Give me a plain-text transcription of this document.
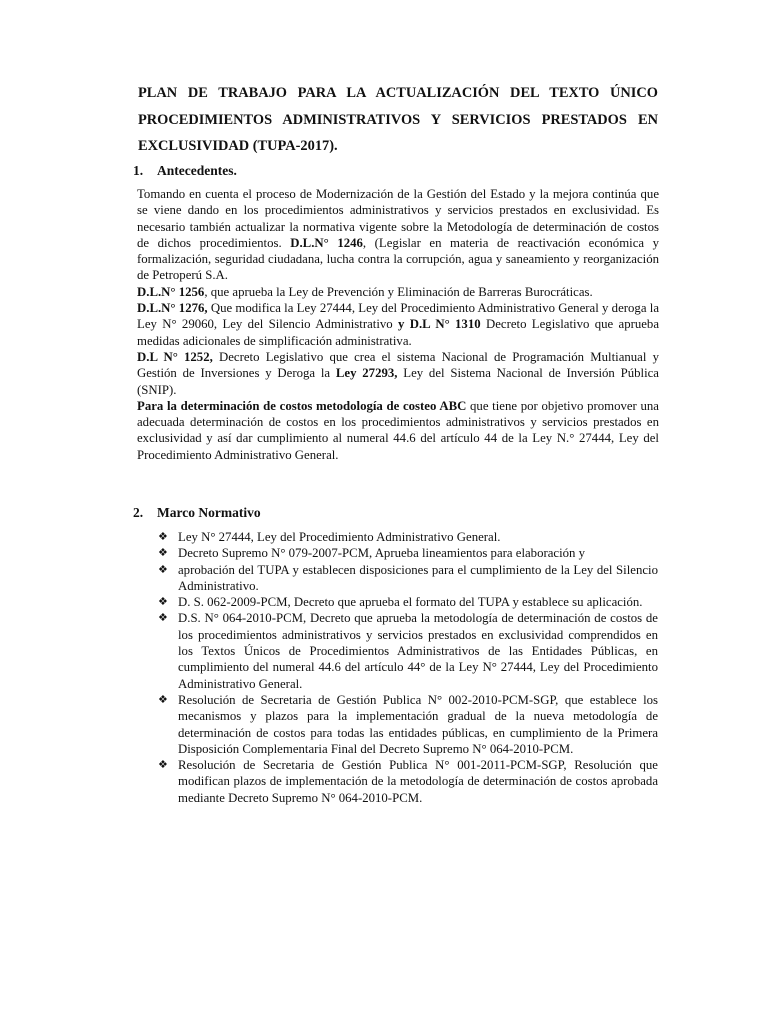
PLAN DE TRABAJO PARA LA ACTUALIZACIÓN DEL TEXTO ÚNICO
PROCEDIMIENTOS ADMINISTRATIVOS Y SERVICIOS PRESTADOS EN
EXCLUSIVIDAD (TUPA-2017).
1. Antecedentes.

Tomando en cuenta el proceso de Modernización de la Gestión del Estado y la mejora continúa que se viene dando en los procedimientos administrativos y servicios prestados en exclusividad. Es necesario también actualizar la normativa vigente sobre la Metodología de determinación de costos de dichos procedimientos. D.L.N° 1246, (Legislar en materia de reactivación económica y formalización, seguridad ciudadana, lucha contra la corrupción, agua y saneamiento y reorganización de Petroperú S.A.

D.L.N° 1256, que aprueba la Ley de Prevención y Eliminación de Barreras Burocráticas.

D.L.N° 1276, Que modifica la Ley 27444, Ley del Procedimiento Administrativo General y deroga la Ley N° 29060, Ley del Silencio Administrativo y D.L N° 1310 Decreto Legislativo que aprueba medidas adicionales de simplificación administrativa.

D.L N° 1252, Decreto Legislativo que crea el sistema Nacional de Programación Multianual y Gestión de Inversiones y Deroga la Ley 27293, Ley del Sistema Nacional de Inversión Pública (SNIP).

Para la determinación de costos metodología de costeo ABC que tiene por objetivo promover una adecuada determinación de costos en los procedimientos administrativos y servicios prestados en exclusividad y así dar cumplimiento al numeral 44.6 del artículo 44 de la Ley N.° 27444, Ley del Procedimiento Administrativo General.

2. Marco Normativo
❖ Ley N° 27444, Ley del Procedimiento Administrativo General.
❖ Decreto Supremo N° 079-2007-PCM, Aprueba lineamientos para elaboración y
❖ aprobación del TUPA y establecen disposiciones para el cumplimiento de la Ley del Silencio Administrativo.
❖ D. S. 062-2009-PCM, Decreto que aprueba el formato del TUPA y establece su aplicación.
❖ D.S. N° 064-2010-PCM, Decreto que aprueba la metodología de determinación de costos de los procedimientos administrativos y servicios prestados en exclusividad comprendidos en los Textos Únicos de Procedimientos Administrativos de las Entidades Públicas, en cumplimiento del numeral 44.6 del artículo 44° de la Ley N° 27444, Ley del Procedimiento Administrativo General.
❖ Resolución de Secretaria de Gestión Publica N° 002-2010-PCM-SGP, que establece los mecanismos y plazos para la implementación gradual de la nueva metodología de determinación de costos para todas las entidades públicas, en cumplimiento de la Primera Disposición Complementaria Final del Decreto Supremo N° 064-2010-PCM.
❖ Resolución de Secretaria de Gestión Publica N° 001-2011-PCM-SGP, Resolución que modifican plazos de implementación de la metodología de determinación de costos aprobada mediante Decreto Supremo N° 064-2010-PCM.
